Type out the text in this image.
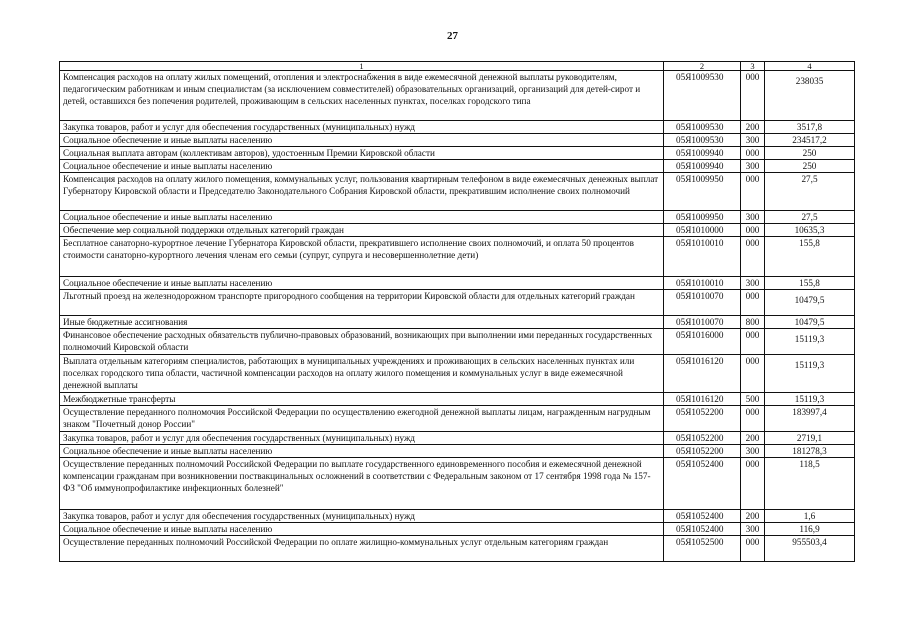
27
1	2	3	4
Компенсация расходов на оплату жилых помещений, отопления и электроснабжения в виде ежемесячной денежной выплаты руководителям, педагогическим работникам и иным специалистам (за исключением совместителей) образовательных организаций, организаций для детей-сирот и детей, оставшихся без попечения родителей, проживающим в сельских населенных пунктах, поселках городского типа	05Я1009530	000	238035
Закупка товаров, работ и услуг для обеспечения государственных (муниципальных) нужд	05Я1009530	200	3517,8
Социальное обеспечение и иные выплаты населению	05Я1009530	300	234517,2
Социальная выплата авторам (коллективам авторов), удостоенным Премии Кировской области	05Я1009940	000	250
Социальное обеспечение и иные выплаты населению	05Я1009940	300	250
Компенсация расходов на оплату жилого помещения, коммунальных услуг, пользования квартирным телефоном в виде ежемесячных денежных выплат Губернатору Кировской области и Председателю Законодательного Собрания Кировской области, прекратившим исполнение своих полномочий	05Я1009950	000	27,5
Социальное обеспечение и иные выплаты населению	05Я1009950	300	27,5
Обеспечение мер социальной поддержки отдельных категорий граждан	05Я1010000	000	10635,3
Бесплатное санаторно-курортное лечение Губернатора Кировской области, прекратившего исполнение своих полномочий, и оплата 50 процентов стоимости санаторно-курортного лечения членам его семьи (супруг, супруга и несовершеннолетние дети)	05Я1010010	000	155,8
Социальное обеспечение и иные выплаты населению	05Я1010010	300	155,8
Льготный проезд на железнодорожном транспорте пригородного сообщения на территории Кировской области для отдельных категорий граждан	05Я1010070	000	10479,5
Иные бюджетные ассигнования	05Я1010070	800	10479,5
Финансовое обеспечение расходных обязательств публично-правовых образований, возникающих при выполнении ими переданных государственных полномочий Кировской области	05Я1016000	000	15119,3
Выплата отдельным категориям специалистов, работающих в муниципальных учреждениях и проживающих в сельских населенных пунктах или поселках городского типа области, частичной компенсации расходов на оплату жилого помещения и коммунальных услуг в виде ежемесячной денежной выплаты	05Я1016120	000	15119,3
Межбюджетные трансферты	05Я1016120	500	15119,3
Осуществление переданного полномочия Российской Федерации по осуществлению ежегодной денежной выплаты лицам, награжденным нагрудным знаком "Почетный донор России"	05Я1052200	000	183997,4
Закупка товаров, работ и услуг для обеспечения государственных (муниципальных) нужд	05Я1052200	200	2719,1
Социальное обеспечение и иные выплаты населению	05Я1052200	300	181278,3
Осуществление переданных полномочий Российской Федерации по выплате государственного единовременного пособия и ежемесячной денежной компенсации гражданам при возникновении поствакцинальных осложнений в соответствии с Федеральным законом от 17 сентября 1998 года № 157-ФЗ "Об иммунопрофилактике инфекционных болезней"	05Я1052400	000	118,5
Закупка товаров, работ и услуг для обеспечения государственных (муниципальных) нужд	05Я1052400	200	1,6
Социальное обеспечение и иные выплаты населению	05Я1052400	300	116,9
Осуществление переданных полномочий Российской Федерации по оплате жилищно-коммунальных услуг отдельным категориям граждан	05Я1052500	000	955503,4
